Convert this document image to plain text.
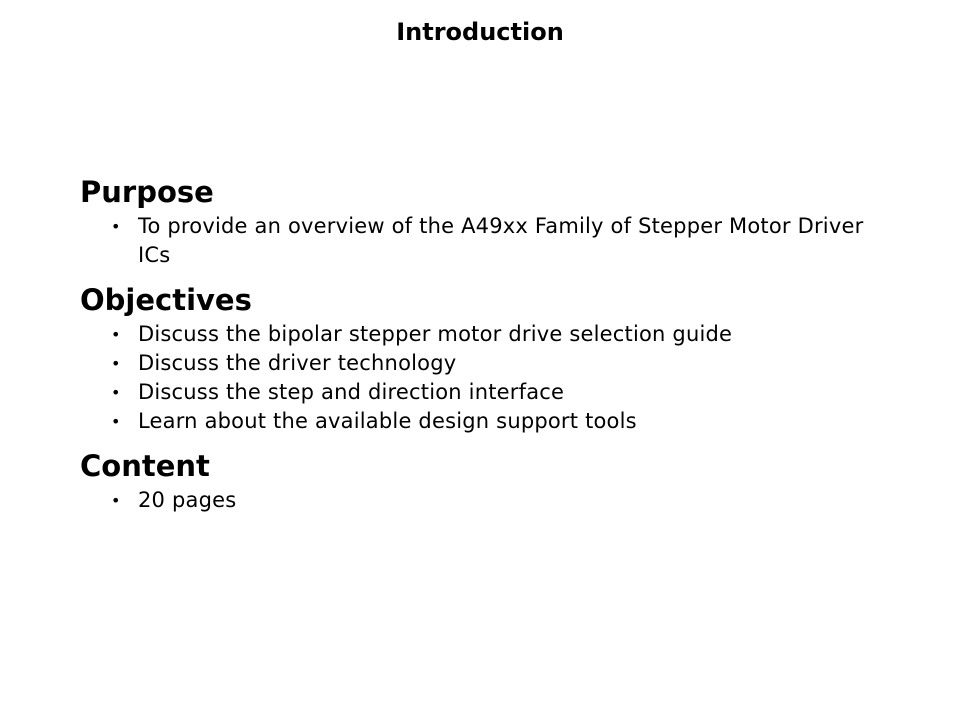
Introduction
Purpose
• To provide an overview of the A49xx Family of Stepper Motor Driver ICs
Objectives
• Discuss the bipolar stepper motor drive selection guide
• Discuss the driver technology
• Discuss the step and direction interface
• Learn about the available design support tools
Content
• 20 pages
